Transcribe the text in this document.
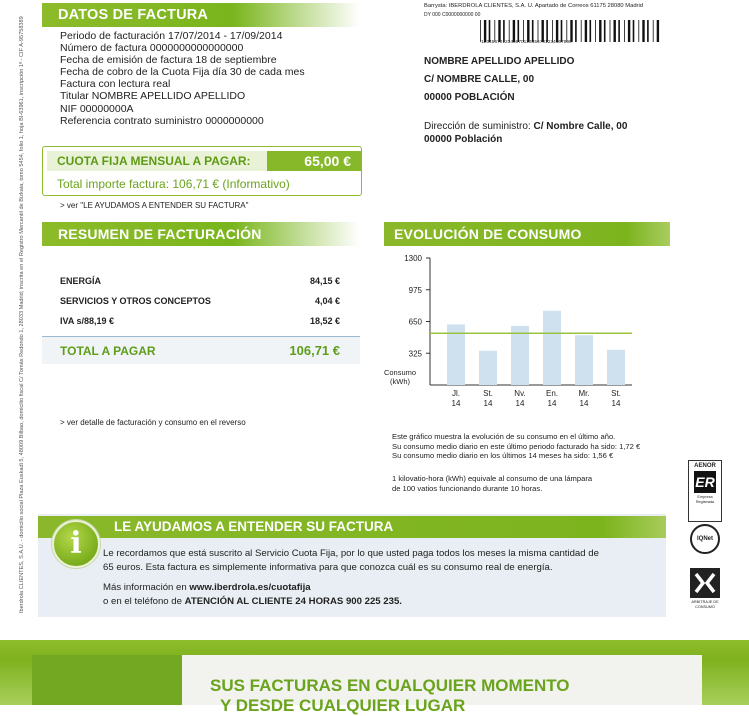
Iberdrola CLIENTES, S.A.U. - domicilio social Plaza Euskadi 5, 48009 Bilbao, domicilio fiscal C/ Tomás Redondo 1, 28033 Madrid; inscrita en el Registro Mercantil de Bizkaia, tomo 5454, folio 1, hoja BI-63961, inscripción 1ª - CIF A-95758389
DATOS DE FACTURA
Periodo de facturación 17/07/2014 - 17/09/2014
Número de factura 0000000000000000
Fecha de emisión de factura 18 de septiembre
Fecha de cobro de la Cuota Fija día 30 de cada mes
Factura con lectura real
Titular NOMBRE APELLIDO APELLIDO
NIF 00000000A
Referencia contrato suministro 0000000000
Barrysta: IBERDROLA CLIENTES, S.A. U. Apartado de Correos 61175 28080 Madrid
DY 000 C0000000000 00
1234567012345670123456701234567890
NOMBRE APELLIDO APELLIDO
C/ NOMBRE CALLE, 00
00000 POBLACIÓN
Dirección de suministro: C/ Nombre Calle, 00
00000 Población
CUOTA FIJA MENSUAL A PAGAR:	65,00 €
Total importe factura: 106,71 € (Informativo)
> ver "LE AYUDAMOS A ENTENDER SU FACTURA"
RESUMEN DE FACTURACIÓN
ENERGÍA	84,15 €
SERVICIOS Y OTROS CONCEPTOS	4,04 €
IVA s/88,19 €	18,52 €
TOTAL A PAGAR	106,71 €
> ver detalle de facturación y consumo en el reverso
EVOLUCIÓN DE CONSUMO
1300
975
650
325
Consumo
(kWh)
Jl.
14
St.
14
Nv.
14
En.
14
Mr.
14
St.
14
Este gráfico muestra la evolución de su consumo en el último año.
Su consumo medio diario en este último periodo facturado ha sido: 1,72 €
Su consumo medio diario en los últimos 14 meses ha sido: 1,56 €
1 kilovatio-hora (kWh) equivale al consumo de una lámpara
de 100 vatios funcionando durante 10 horas.
AENOR
ER
Empresa Registrada
IQNet
ARBITRAJE DE CONSUMO
LE AYUDAMOS A ENTENDER SU FACTURA
i	Le recordamos que está suscrito al Servicio Cuota Fija, por lo que usted paga todos los meses la misma cantidad de
65 euros. Esta factura es simplemente informativa para que conozca cuál es su consumo real de energía.
Más información en www.iberdrola.es/cuotafija
o en el teléfono de ATENCIÓN AL CLIENTE 24 HORAS 900 225 235.
SUS FACTURAS EN CUALQUIER MOMENTO
Y DESDE CUALQUIER LUGAR
